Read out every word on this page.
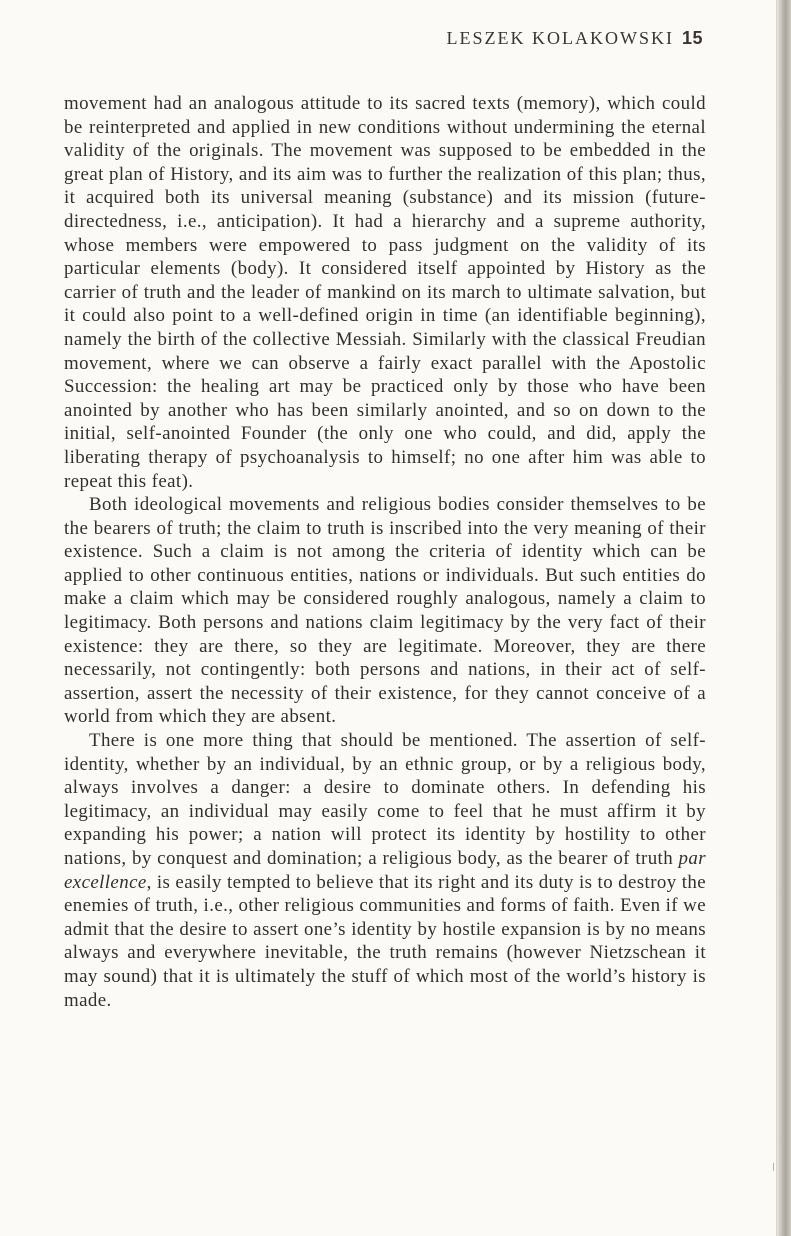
LESZEK KOLAKOWSKI 15

movement had an analogous attitude to its sacred texts (memory), which could be reinterpreted and applied in new conditions without undermining the eternal validity of the originals. The movement was supposed to be embedded in the great plan of History, and its aim was to further the realization of this plan; thus, it acquired both its universal meaning (substance) and its mission (future-directedness, i.e., anticipation). It had a hierarchy and a supreme authority, whose members were empowered to pass judgment on the validity of its particular elements (body). It considered itself appointed by History as the carrier of truth and the leader of mankind on its march to ultimate salvation, but it could also point to a well-defined origin in time (an identifiable beginning), namely the birth of the collective Messiah. Similarly with the classical Freudian movement, where we can observe a fairly exact parallel with the Apostolic Succession: the healing art may be practiced only by those who have been anointed by another who has been similarly anointed, and so on down to the initial, self-anointed Founder (the only one who could, and did, apply the liberating therapy of psychoanalysis to himself; no one after him was able to repeat this feat).

Both ideological movements and religious bodies consider themselves to be the bearers of truth; the claim to truth is inscribed into the very meaning of their existence. Such a claim is not among the criteria of identity which can be applied to other continuous entities, nations or individuals. But such entities do make a claim which may be considered roughly analogous, namely a claim to legitimacy. Both persons and nations claim legitimacy by the very fact of their existence: they are there, so they are legitimate. Moreover, they are there necessarily, not contingently: both persons and nations, in their act of self-assertion, assert the necessity of their existence, for they cannot conceive of a world from which they are absent.

There is one more thing that should be mentioned. The assertion of self-identity, whether by an individual, by an ethnic group, or by a religious body, always involves a danger: a desire to dominate others. In defending his legitimacy, an individual may easily come to feel that he must affirm it by expanding his power; a nation will protect its identity by hostility to other nations, by conquest and domination; a religious body, as the bearer of truth par excellence, is easily tempted to believe that its right and its duty is to destroy the enemies of truth, i.e., other religious communities and forms of faith. Even if we admit that the desire to assert one’s identity by hostile expansion is by no means always and everywhere inevitable, the truth remains (however Nietzschean it may sound) that it is ultimately the stuff of which most of the world’s history is made.
